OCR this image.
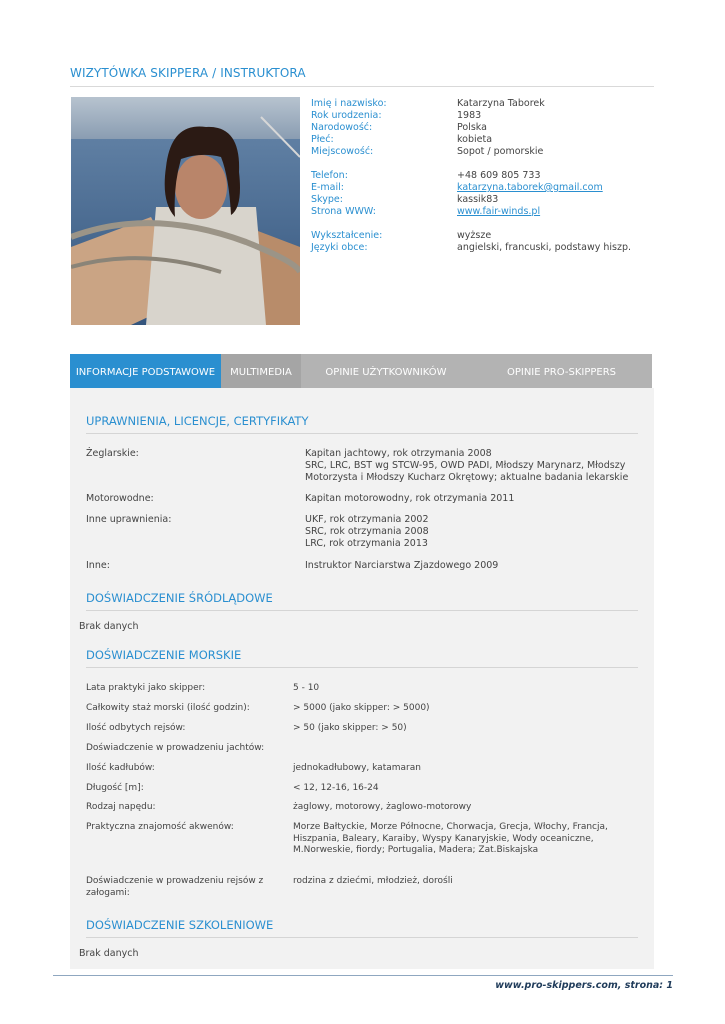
WIZYTÓWKA SKIPPERA / INSTRUKTORA
Imię i nazwisko:	Katarzyna Taborek
Rok urodzenia:	1983
Narodowość:	Polska
Płeć:	kobieta
Miejscowość:	Sopot / pomorskie
Telefon:	+48 609 805 733
E-mail:	katarzyna.taborek@gmail.com
Skype:	kassik83
Strona WWW:	www.fair-winds.pl
Wykształcenie:	wyższe
Języki obce:	angielski, francuski, podstawy hiszp.
INFORMACJE PODSTAWOWE	MULTIMEDIA	OPINIE UŻYTKOWNIKÓW	OPINIE PRO-SKIPPERS
UPRAWNIENIA, LICENCJE, CERTYFIKATY
Żeglarskie:	Kapitan jachtowy, rok otrzymania 2008
SRC, LRC, BST wg STCW-95, OWD PADI, Młodszy Marynarz, Młodszy
Motorzysta i Młodszy Kucharz Okrętowy; aktualne badania lekarskie
Motorowodne:	Kapitan motorowodny, rok otrzymania 2011
Inne uprawnienia:	UKF, rok otrzymania 2002
SRC, rok otrzymania 2008
LRC, rok otrzymania 2013
Inne:	Instruktor Narciarstwa Zjazdowego 2009
DOŚWIADCZENIE ŚRÓDLĄDOWE
Brak danych
DOŚWIADCZENIE MORSKIE
Lata praktyki jako skipper:	5 - 10
Całkowity staż morski (ilość godzin):	> 5000 (jako skipper: > 5000)
Ilość odbytych rejsów:	> 50 (jako skipper: > 50)
Doświadczenie w prowadzeniu jachtów:
Ilość kadłubów:	jednokadłubowy, katamaran
Długość [m]:	< 12, 12-16, 16-24
Rodzaj napędu:	żaglowy, motorowy, żaglowo-motorowy
Praktyczna znajomość akwenów:	Morze Bałtyckie, Morze Północne, Chorwacja, Grecja, Włochy, Francja, Hiszpania, Baleary, Karaiby, Wyspy Kanaryjskie, Wody oceaniczne, M.Norweskie, fiordy; Portugalia, Madera; Zat.Biskajska
Doświadczenie w prowadzeniu rejsów z załogami:
rodzina z dziećmi, młodzież, dorośli
DOŚWIADCZENIE SZKOLENIOWE
Brak danych
www.pro-skippers.com, strona: 1
